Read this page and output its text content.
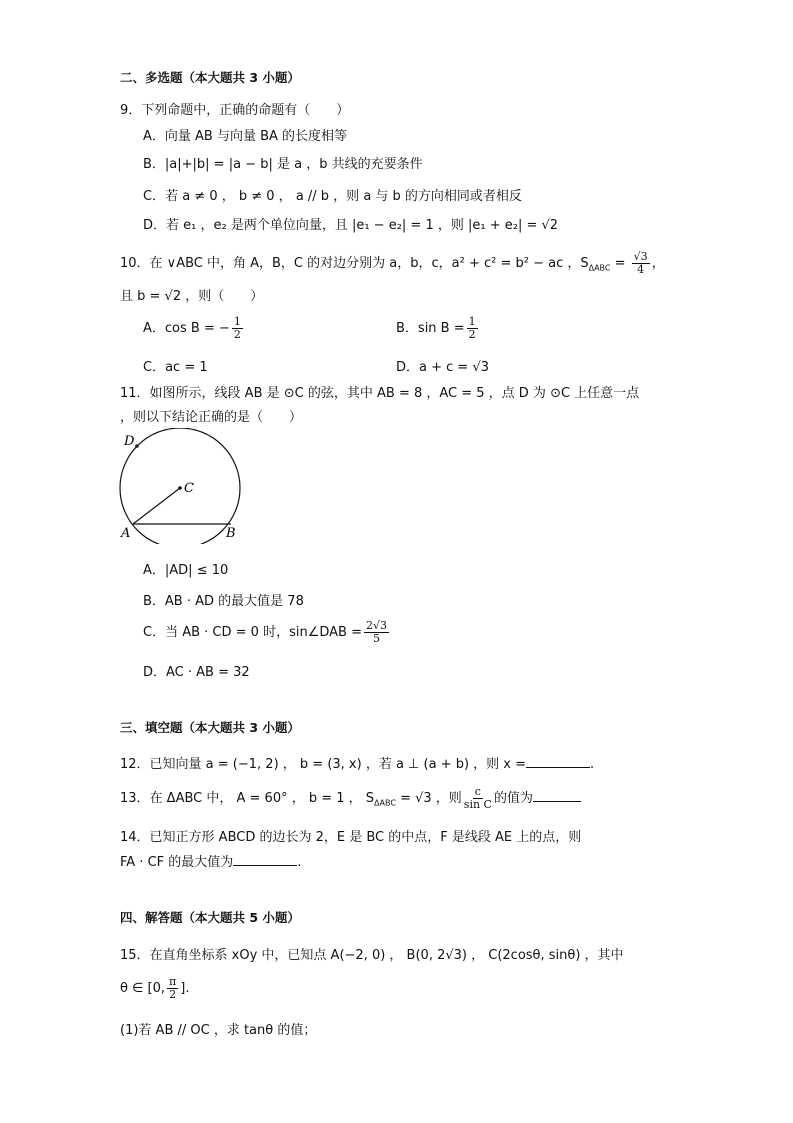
二、多选题（本大题共 3 小题）
9．下列命题中，正确的命题有（　　）
A．向量 AB 与向量 BA 的长度相等
B．|a|+|b| = |a − b| 是 a ，b 共线的充要条件
C．若 a ≠ 0 ， b ≠ 0 ， a // b ，则 a 与 b 的方向相同或者相反
D．若 e₁ ，e₂ 是两个单位向量，且 |e₁ − e₂| = 1 ，则 |e₁ + e₂| = √2
10．在 ∨ABC 中，角 A，B，C 的对边分别为 a，b，c，a² + c² = b² − ac ，$S_{\Delta ABC} = \frac{√3}{4}$ ，
且 b = √2 ，则（　　）
A．cos B = − $\frac{1}{2}$	B．$\sin B = \frac{1}{2}$
C．ac = 1	D．a + c = √3
11．如图所示，线段 AB 是 ⊙C 的弦，其中 AB = 8 ，AC = 5 ，点 D 为 ⊙C 上任意一点
，则以下结论正确的是（　　）
D
C
A	B
A．|AD| ≤ 10
B．AB · AD 的最大值是 78
C．当 AB · CD = 0 时，sin∠DAB = $\frac{2√3}{5}$
D．AC · AB = 32
三、填空题（本大题共 3 小题）
12．已知向量 a = (−1, 2) ， b = (3, x) ，若 a ⊥ (a + b) ，则 x =	.
13．在 ΔABC 中， A = 60° ， b = 1 ， $S_{\Delta ABC} = √3$ ，则 $\frac{c}{\text{sin C}}$ 的值为
14．已知正方形 ABCD 的边长为 2，E 是 BC 的中点，F 是线段 AE 上的点，则
FA · CF 的最大值为	.
四、解答题（本大题共 5 小题）
15．在直角坐标系 xOy 中，已知点 A(−2, 0) ， B(0, 2√3) ， C(2cosθ, sinθ) ，其中
θ ∈ [0, $\frac{\pi}{2}$ ].
(1)若 AB // OC ，求 tanθ 的值；
